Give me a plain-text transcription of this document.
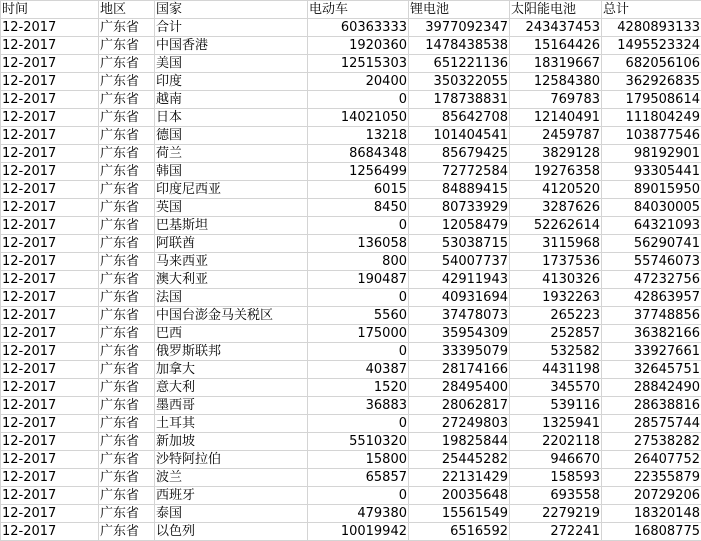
时间	地区	国家	电动车	锂电池	太阳能电池	总计
12-2017	广东省	合计	60363333	3977092347	243437453	4280893133
12-2017	广东省	中国香港	1920360	1478438538	15164426	1495523324
12-2017	广东省	美国	12515303	651221136	18319667	682056106
12-2017	广东省	印度	20400	350322055	12584380	362926835
12-2017	广东省	越南	0	178738831	769783	179508614
12-2017	广东省	日本	14021050	85642708	12140491	111804249
12-2017	广东省	德国	13218	101404541	2459787	103877546
12-2017	广东省	荷兰	8684348	85679425	3829128	98192901
12-2017	广东省	韩国	1256499	72772584	19276358	93305441
12-2017	广东省	印度尼西亚	6015	84889415	4120520	89015950
12-2017	广东省	英国	8450	80733929	3287626	84030005
12-2017	广东省	巴基斯坦	0	12058479	52262614	64321093
12-2017	广东省	阿联酋	136058	53038715	3115968	56290741
12-2017	广东省	马来西亚	800	54007737	1737536	55746073
12-2017	广东省	澳大利亚	190487	42911943	4130326	47232756
12-2017	广东省	法国	0	40931694	1932263	42863957
12-2017	广东省	中国台澎金马关税区	5560	37478073	265223	37748856
12-2017	广东省	巴西	175000	35954309	252857	36382166
12-2017	广东省	俄罗斯联邦	0	33395079	532582	33927661
12-2017	广东省	加拿大	40387	28174166	4431198	32645751
12-2017	广东省	意大利	1520	28495400	345570	28842490
12-2017	广东省	墨西哥	36883	28062817	539116	28638816
12-2017	广东省	土耳其	0	27249803	1325941	28575744
12-2017	广东省	新加坡	5510320	19825844	2202118	27538282
12-2017	广东省	沙特阿拉伯	15800	25445282	946670	26407752
12-2017	广东省	波兰	65857	22131429	158593	22355879
12-2017	广东省	西班牙	0	20035648	693558	20729206
12-2017	广东省	泰国	479380	15561549	2279219	18320148
12-2017	广东省	以色列	10019942	6516592	272241	16808775
